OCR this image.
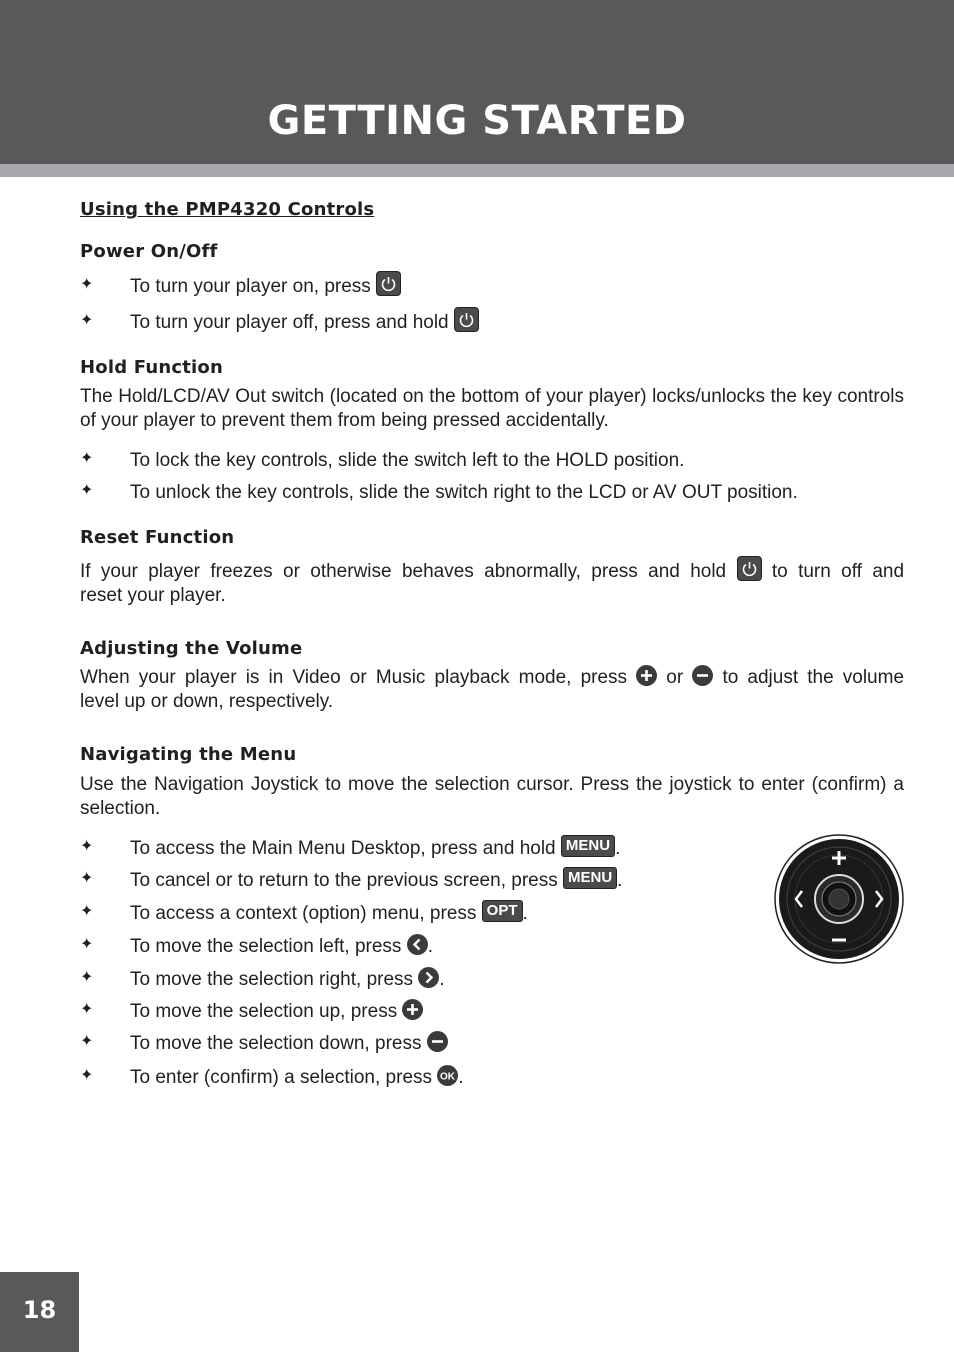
GETTING STARTED
Using the PMP4320 Controls
Power On/Off
✦ To turn your player on, press
✦ To turn your player off, press and hold
Hold Function
The Hold/LCD/AV Out switch (located on the bottom of your player) locks/unlocks the key controls of your player to prevent them from being pressed accidentally.
✦ To lock the key controls, slide the switch left to the HOLD position.
✦ To unlock the key controls, slide the switch right to the LCD or AV OUT position.
Reset Function
If your player freezes or otherwise behaves abnormally, press and hold to turn off and
reset your player.
Adjusting the Volume
When your player is in Video or Music playback mode, press or to adjust the volume
level up or down, respectively.
Navigating the Menu
Use the Navigation Joystick to move the selection cursor. Press the joystick to enter (confirm) a selection.
✦ To access the Main Menu Desktop, press and hold MENU .
✦ To cancel or to return to the previous screen, press MENU .
✦ To access a context (option) menu, press OPT .
✦ To move the selection left, press .
✦ To move the selection right, press .
✦ To move the selection up, press
✦ To move the selection down, press
✦ To enter (confirm) a selection, press OK .
18
